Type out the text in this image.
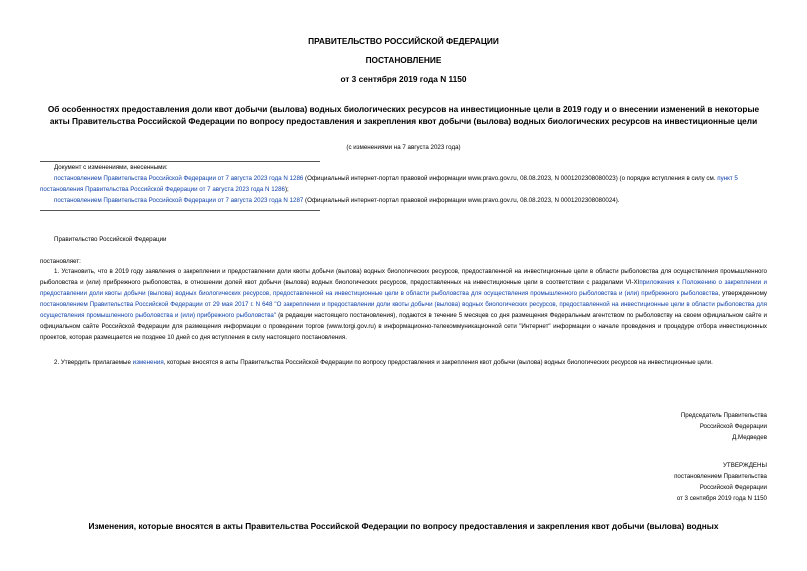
ПРАВИТЕЛЬСТВО РОССИЙСКОЙ ФЕДЕРАЦИИ
ПОСТАНОВЛЕНИЕ
от 3 сентября 2019 года N 1150
Об особенностях предоставления доли квот добычи (вылова) водных биологических ресурсов на инвестиционные цели в 2019 году и о внесении изменений в некоторые акты Правительства Российской Федерации по вопросу предоставления и закрепления квот добычи (вылова) водных биологических ресурсов на инвестиционные цели
(с изменениями на 7 августа 2023 года)

Документ с изменениями, внесенными:

постановлением Правительства Российской Федерации от 7 августа 2023 года N 1286 (Официальный интернет-портал правовой информации www.pravo.gov.ru, 08.08.2023, N 0001202308080023) (о порядке вступления в силу см. пункт 5 постановления Правительства Российской Федерации от 7 августа 2023 года N 1286);

постановлением Правительства Российской Федерации от 7 августа 2023 года N 1287 (Официальный интернет-портал правовой информации www.pravo.gov.ru, 08.08.2023, N 0001202308080024).

Правительство Российской Федерации
постановляет:

1. Установить, что в 2019 году заявления о закреплении и предоставлении доли квоты добычи (вылова) водных биологических ресурсов, предоставленной на инвестиционные цели в области рыболовства для осуществления промышленного рыболовства и (или) прибрежного рыболовства, в отношении долей квот добычи (вылова) водных биологических ресурсов, предоставленных на инвестиционные цели в соответствии с разделами VI-XIприложения к Положению о закреплении и предоставлении доли квоты добычи (вылова) водных биологических ресурсов, предоставленной на инвестиционные цели в области рыболовства для осуществления промышленного рыболовства и (или) прибрежного рыболовства, утвержденному постановлением Правительства Российской Федерации от 29 мая 2017 г. N 648 "О закреплении и предоставлении доли квоты добычи (вылова) водных биологических ресурсов, предоставленной на инвестиционные цели в области рыболовства для осуществления промышленного рыболовства и (или) прибрежного рыболовства" (в редакции настоящего постановления), подаются в течение 5 месяцев со дня размещения Федеральным агентством по рыболовству на своем официальном сайте и официальном сайте Российской Федерации для размещения информации о проведении торгов (www.torgi.gov.ru) в информационно-телекоммуникационной сети "Интернет" информации о начале проведения и процедуре отбора инвестиционных проектов, которая размещается не позднее 10 дней со дня вступления в силу настоящего постановления.

2. Утвердить прилагаемые изменения, которые вносятся в акты Правительства Российской Федерации по вопросу предоставления и закрепления квот добычи (вылова) водных биологических ресурсов на инвестиционные цели.

Председатель Правительства
Российской Федерации
Д.Медведев
УТВЕРЖДЕНЫ
постановлением Правительства
Российской Федерации
от 3 сентября 2019 года N 1150
Изменения, которые вносятся в акты Правительства Российской Федерации по вопросу предоставления и закрепления квот добычи (вылова) водных
